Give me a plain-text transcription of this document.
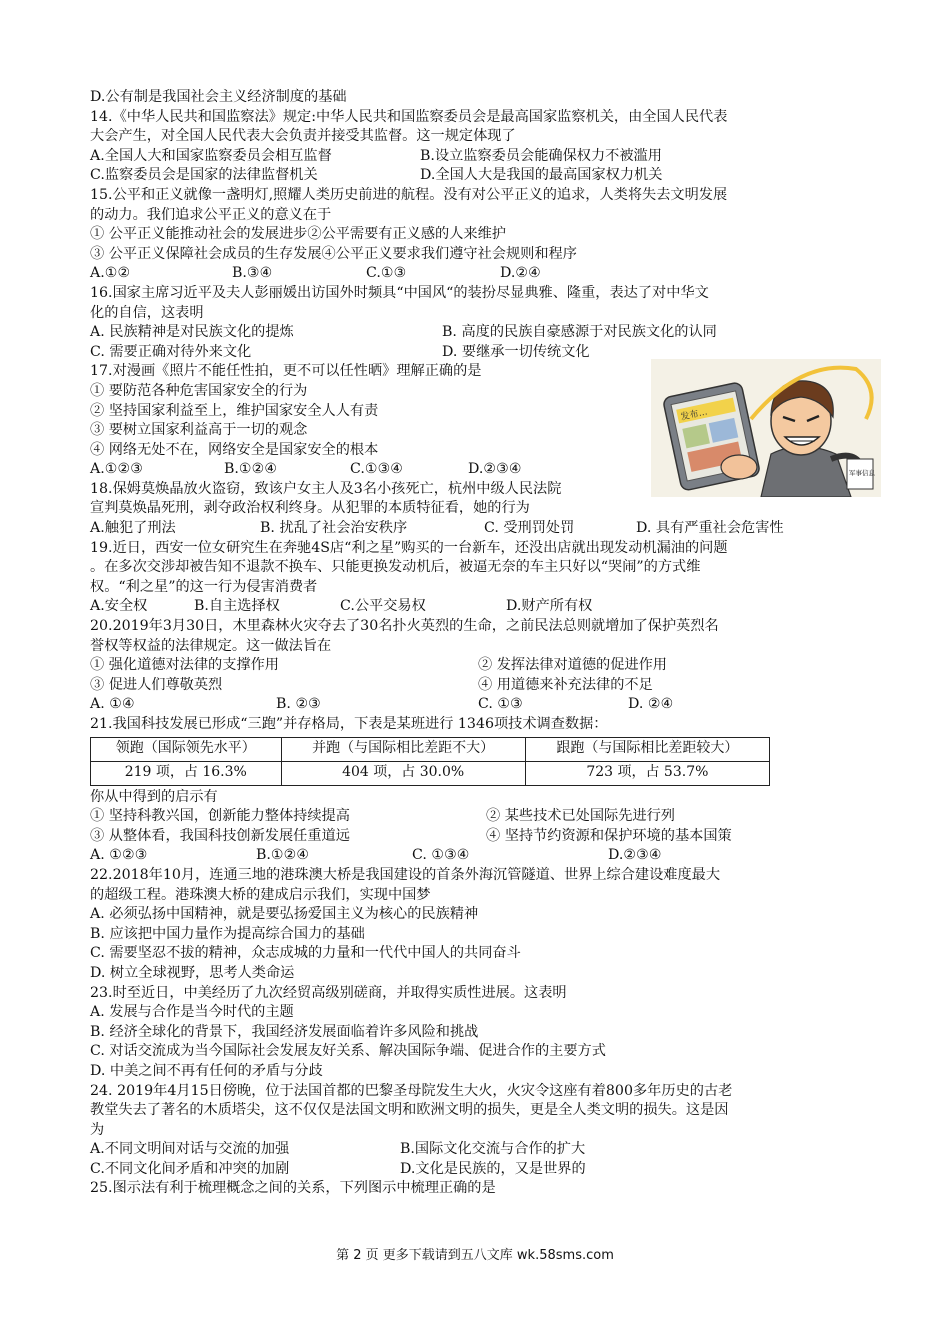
D.公有制是我国社会主义经济制度的基础
14.《中华人民共和国监察法》规定:中华人民共和国监察委员会是最高国家监察机关，由全国人民代表
大会产生，对全国人民代表大会负责并接受其监督。这一规定体现了
A.全国人大和国家监察委员会相互监督	B.设立监察委员会能确保权力不被滥用
C.监察委员会是国家的法律监督机关	D.全国人大是我国的最高国家权力机关
15.公平和正义就像一盏明灯,照耀人类历史前进的航程。没有对公平正义的追求，人类将失去文明发展
的动力。我们追求公平正义的意义在于
① 公平正义能推动社会的发展进步②公平需要有正义感的人来维护
③ 公平正义保障社会成员的生存发展④公平正义要求我们遵守社会规则和程序
A.①②	B.③④	C.①③	D.②④
16.国家主席习近平及夫人彭丽媛出访国外时频具“中国风“的装扮尽显典雅、隆重，表达了对中华文
化的自信，这表明
A. 民族精神是对民族文化的提炼	B. 高度的民族自豪感源于对民族文化的认同
C. 需要正确对待外来文化	D. 要继承一切传统文化
17.对漫画《照片不能任性拍，更不可以任性晒》理解正确的是
① 要防范各种危害国家安全的行为
② 坚持国家利益至上，维护国家安全人人有责
③ 要树立国家利益高于一切的观念
④ 网络无处不在，网络安全是国家安全的根本
A.①②③	B.①②④	C.①③④	D.②③④
18.保姆莫焕晶放火盗窃，致该户女主人及3名小孩死亡，杭州中级人民法院
宣判莫焕晶死刑，剥夺政治权利终身。从犯罪的本质特征看，她的行为
A.触犯了刑法	B. 扰乱了社会治安秩序	C. 受刑罚处罚	D. 具有严重社会危害性
19.近日，西安一位女研究生在奔驰4S店“利之星”购买的一台新车，还没出店就出现发动机漏油的问题
。在多次交涉却被告知不退款不换车、只能更换发动机后，被逼无奈的车主只好以“哭闹”的方式维
权。“利之星”的这一行为侵害消费者
A.安全权	B.自主选择权	C.公平交易权	D.财产所有权
20.2019年3月30日，木里森林火灾夺去了30名扑火英烈的生命，之前民法总则就增加了保护英烈名
誉权等权益的法律规定。这一做法旨在
① 强化道德对法律的支撑作用	② 发挥法律对道德的促进作用
③ 促进人们尊敬英烈	④ 用道德来补充法律的不足
A. ①④	B. ②③	C. ①③	D. ②④
21.我国科技发展已形成“三跑”并存格局，下表是某班进行 1346项技术调查数据：
领跑（国际领先水平）	并跑（与国际相比差距不大）	跟跑（与国际相比差距较大）
219 项，占 16.3%	404 项，占 30.0%	723 项，占 53.7%
你从中得到的启示有
① 坚持科教兴国，创新能力整体持续提高	② 某些技术已处国际先进行列
③ 从整体看，我国科技创新发展任重道远	④ 坚持节约资源和保护环境的基本国策
A. ①②③	B.①②④	C. ①③④	D.②③④
22.2018年10月，连通三地的港珠澳大桥是我国建设的首条外海沉管隧道、世界上综合建设难度最大
的超级工程。港珠澳大桥的建成启示我们，实现中国梦
A. 必须弘扬中国精神，就是要弘扬爱国主义为核心的民族精神
B. 应该把中国力量作为提高综合国力的基础
C. 需要坚忍不拔的精神，众志成城的力量和一代代中国人的共同奋斗
D. 树立全球视野，思考人类命运
23.时至近日，中美经历了九次经贸高级别磋商，并取得实质性进展。这表明
A. 发展与合作是当今时代的主题
B. 经济全球化的背景下，我国经济发展面临着许多风险和挑战
C. 对话交流成为当今国际社会发展友好关系、解决国际争端、促进合作的主要方式
D. 中美之间不再有任何的矛盾与分歧
24. 2019年4月15日傍晚，位于法国首都的巴黎圣母院发生大火，火灾令这座有着800多年历史的古老
教堂失去了著名的木质塔尖，这不仅仅是法国文明和欧洲文明的损失，更是全人类文明的损失。这是因
为
A.不同文明间对话与交流的加强	B.国际文化交流与合作的扩大
C.不同文化间矛盾和冲突的加剧	D.文化是民族的，又是世界的
25.图示法有利于梳理概念之间的关系，下列图示中梳理正确的是
发布…
军事信息
第 2 页 更多下载请到五八文库 wk.58sms.com
